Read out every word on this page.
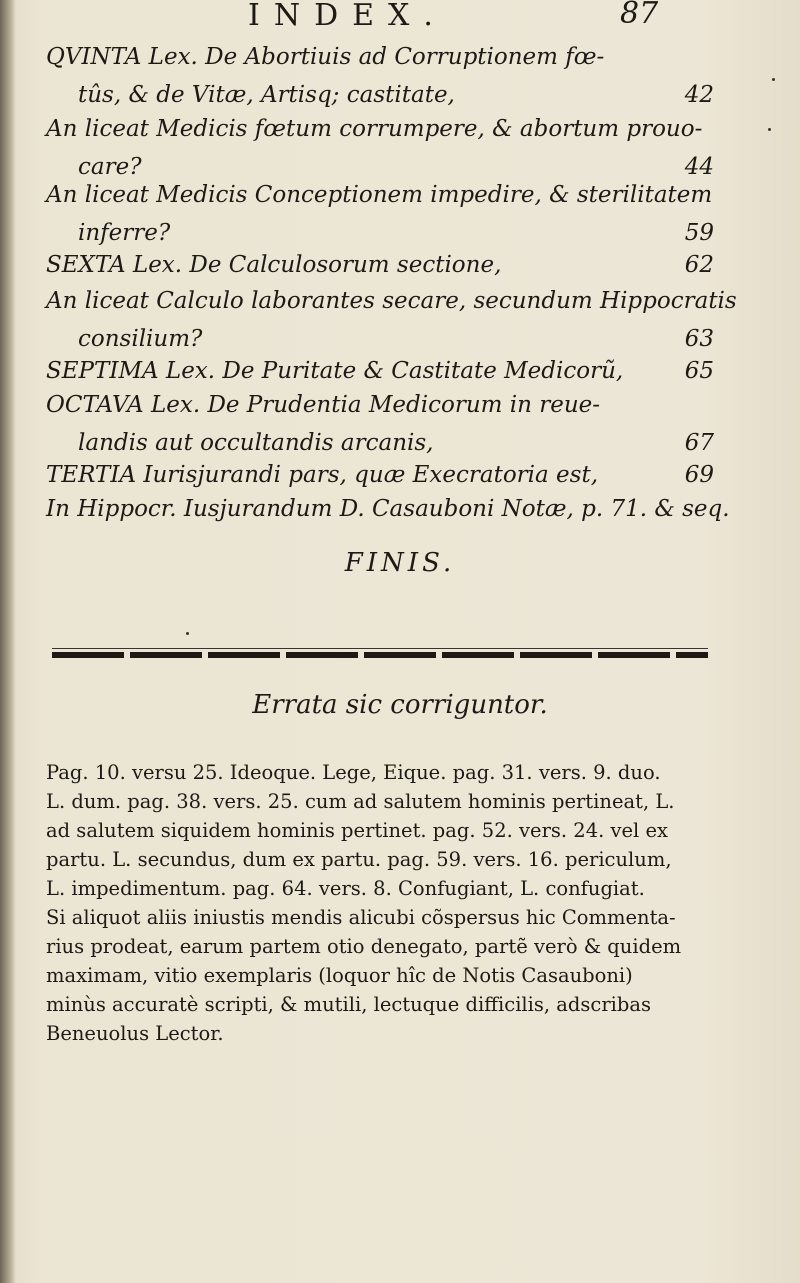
INDEX.	87
QVINTA Lex. De Abortiuis ad Corruptionem fœ-
tûs, & de Vitæ, Artisq; castitate,	42
An liceat Medicis fœtum corrumpere, & abortum prouo-
care?	44
An liceat Medicis Conceptionem impedire, & sterilitatem
inferre?	59
SEXTA Lex. De Calculosorum sectione,	62
An liceat Calculo laborantes secare, secundum Hippocratis
consilium?	63
SEPTIMA Lex. De Puritate & Castitate Medicorũ,	65
OCTAVA Lex. De Prudentia Medicorum in reue-
landis aut occultandis arcanis,	67
TERTIA Iurisjurandi pars, quæ Execratoria est,	69
In Hippocr. Iusjurandum D. Casauboni Notæ, p. 71. & seq.
FINIS.
Errata sic corriguntor.

Pag. 10. versu 25. Ideoque. Lege, Eique. pag. 31. vers. 9. duo.

L. dum. pag. 38. vers. 25. cum ad salutem hominis pertineat, L.

ad salutem siquidem hominis pertinet. pag. 52. vers. 24. vel ex

partu. L. secundus, dum ex partu. pag. 59. vers. 16. periculum,

L. impedimentum. pag. 64. vers. 8. Confugiant, L. confugiat.

Si aliquot aliis iniustis mendis alicubi cõspersus hic Commenta-

rius prodeat, earum partem otio denegato, partẽ verò & quidem

maximam, vitio exemplaris (loquor hîc de Notis Casauboni)

minùs accuratè scripti, & mutili, lectuque difficilis, adscribas

Beneuolus Lector.
